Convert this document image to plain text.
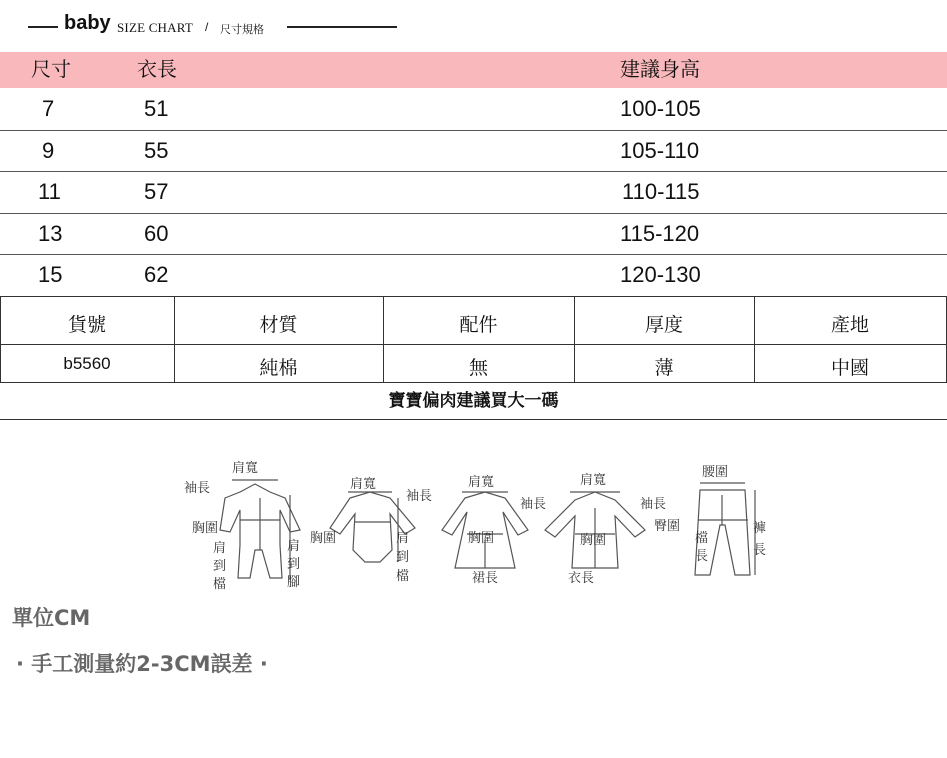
baby SIZE CHART / 尺寸規格
尺寸	衣長	建議身高
7	51	100-105
9	55	105-110
11	57	110-115
13	60	115-120
15	62	120-130
貨號	材質	配件	厚度	產地
b5560	純棉	無	薄	中國
寶寶偏肉建議買大一碼
肩寬
袖長
胸圍
肩
到
檔
肩
到
腳
肩寬
袖長
胸圍	肩
到
檔
肩寬
袖長
胸圍
裙長
肩寬
袖長
胸圍
衣長
腰圍
臀圍
檔
長
褲
長
單位CM
· 手工測量約2-3CM誤差 ·
